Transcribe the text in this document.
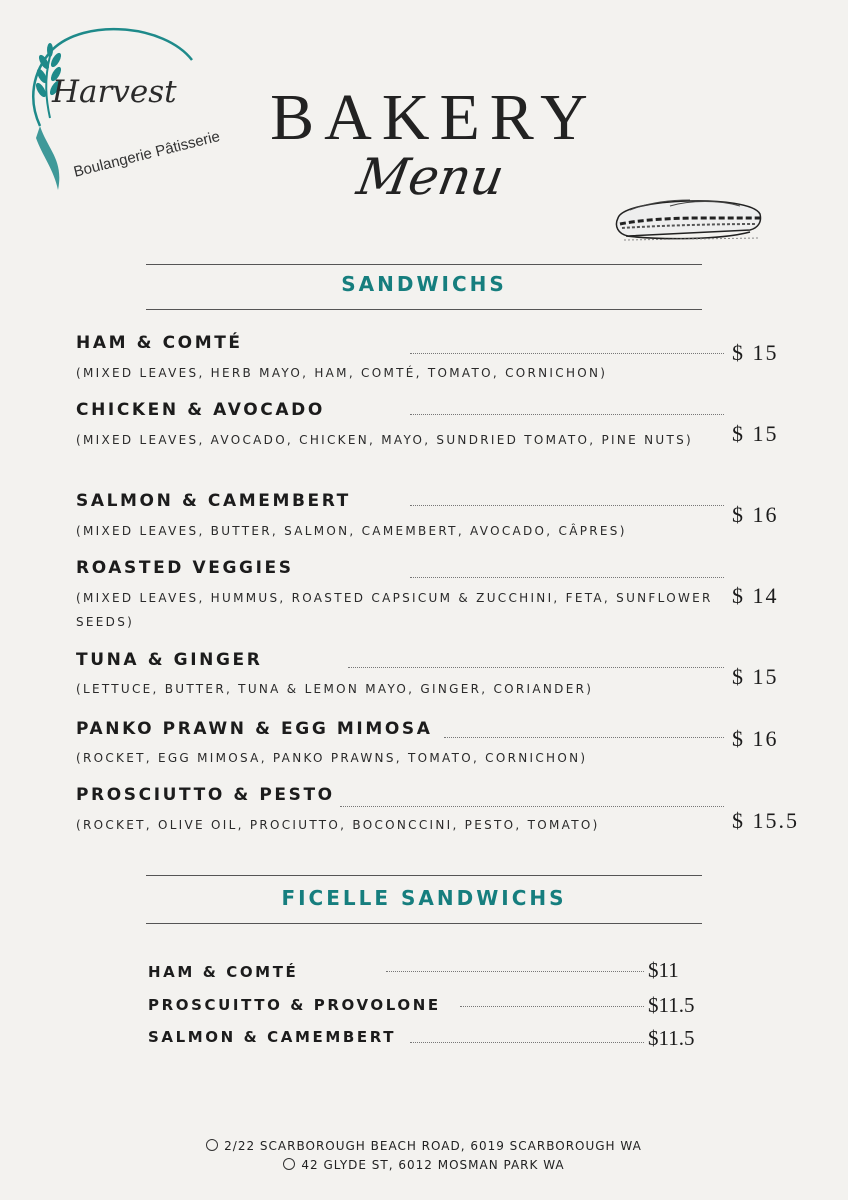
Harvest
Boulangerie Pâtisserie
BAKERY
Menu
SANDWICHS
HAM & COMTÉ
(MIXED LEAVES, HERB MAYO, HAM, COMTÉ, TOMATO, CORNICHON)
$ 15
CHICKEN & AVOCADO
(MIXED LEAVES, AVOCADO, CHICKEN, MAYO, SUNDRIED TOMATO, PINE NUTS)	$ 15
SALMON & CAMEMBERT
(MIXED LEAVES, BUTTER, SALMON, CAMEMBERT, AVOCADO, CÂPRES)
$ 16
ROASTED VEGGIES
(MIXED LEAVES, HUMMUS, ROASTED CAPSICUM & ZUCCHINI, FETA, SUNFLOWER SEEDS)
$ 14
TUNA & GINGER
(LETTUCE, BUTTER, TUNA & LEMON MAYO, GINGER, CORIANDER)	$ 15
PANKO PRAWN & EGG MIMOSA
(ROCKET, EGG MIMOSA, PANKO PRAWNS, TOMATO, CORNICHON)
$ 16
PROSCIUTTO & PESTO
(ROCKET, OLIVE OIL, PROCIUTTO, BOCONCCINI, PESTO, TOMATO)	$ 15.5
FICELLE SANDWICHS
HAM & COMTÉ	$11
PROSCUITTO & PROVOLONE	$11.5
SALMON & CAMEMBERT	$11.5
2/22 SCARBOROUGH BEACH ROAD, 6019 SCARBOROUGH WA
42 GLYDE ST, 6012 MOSMAN PARK WA
